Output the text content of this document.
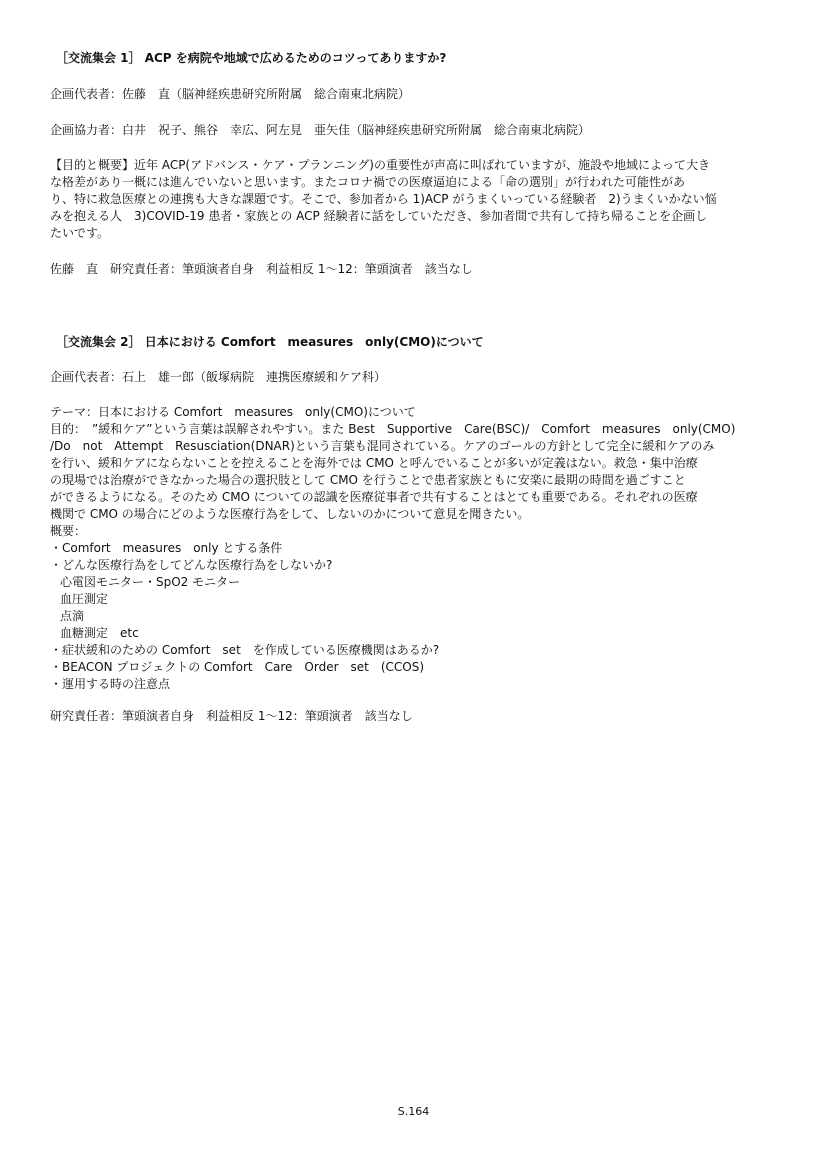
［交流集会 1］ ACP を病院や地域で広めるためのコツってありますか?
企画代表者：佐藤　直（脳神経疾患研究所附属　総合南東北病院）
企画協力者：白井　祝子、熊谷　幸広、阿左見　亜矢佳（脳神経疾患研究所附属　総合南東北病院）

【目的と概要】近年 ACP(アドバンス・ケア・プランニング)の重要性が声高に叫ばれていますが、施設や地域によって大き

な格差があり一概には進んでいないと思います。またコロナ禍での医療逼迫による「命の選別」が行われた可能性があ

り、特に救急医療との連携も大きな課題です。そこで、参加者から 1)ACP がうまくいっている経験者　2)うまくいかない悩

みを抱える人　3)COVID-19 患者・家族との ACP 経験者に話をしていただき、参加者間で共有して持ち帰ることを企画し

たいです。

佐藤　直　研究責任者：筆頭演者自身　利益相反 1〜12：筆頭演者　該当なし
［交流集会 2］ 日本における Comfort　measures　only(CMO)について
企画代表者：石上　雄一郎（飯塚病院　連携医療緩和ケア科）

テーマ：日本における Comfort　measures　only(CMO)について

目的：　”緩和ケア”という言葉は誤解されやすい。また Best　Supportive　Care(BSC)/　Comfort　measures　only(CMO)

/Do　not　Attempt　Resusciation(DNAR)という言葉も混同されている。ケアのゴールの方針として完全に緩和ケアのみ

を行い、緩和ケアにならないことを控えることを海外では CMO と呼んでいることが多いが定義はない。救急・集中治療

の現場では治療ができなかった場合の選択肢として CMO を行うことで患者家族ともに安楽に最期の時間を過ごすこと

ができるようになる。そのため CMO についての認識を医療従事者で共有することはとても重要である。それぞれの医療

機関で CMO の場合にどのような医療行為をして、しないのかについて意見を聞きたい。

概要：

・Comfort　measures　only とする条件

・どんな医療行為をしてどんな医療行為をしないか?

心電図モニター・SpO2 モニター

血圧測定

点滴

血糖測定　etc

・症状緩和のための Comfort　set　を作成している医療機関はあるか?

・BEACON プロジェクトの Comfort　Care　Order　set　(CCOS)

・運用する時の注意点

研究責任者：筆頭演者自身　利益相反 1〜12：筆頭演者　該当なし
S.164
